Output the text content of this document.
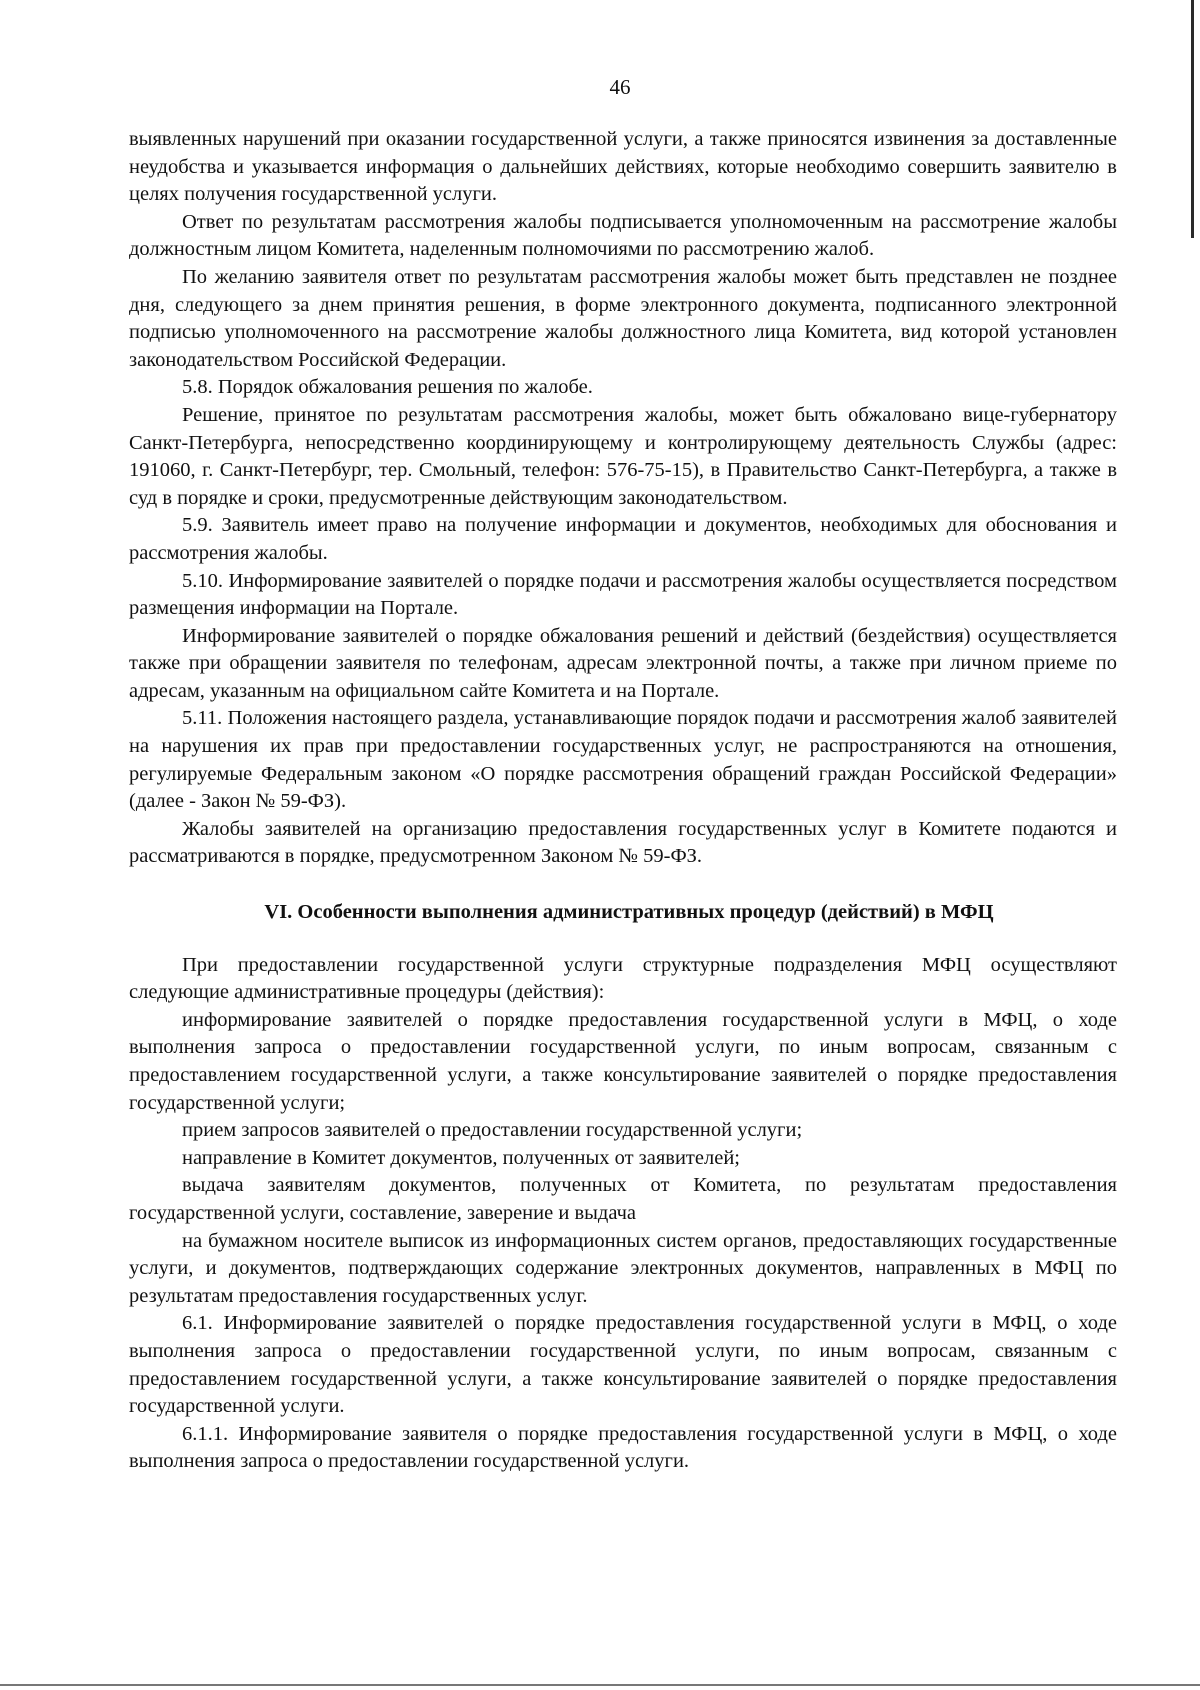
46

выявленных нарушений при оказании государственной услуги, а также приносятся извинения за доставленные неудобства и указывается информация о дальнейших действиях, которые необходимо совершить заявителю в целях получения государственной услуги.

Ответ по результатам рассмотрения жалобы подписывается уполномоченным на рассмотрение жалобы должностным лицом Комитета, наделенным полномочиями по рассмотрению жалоб.

По желанию заявителя ответ по результатам рассмотрения жалобы может быть представлен не позднее дня, следующего за днем принятия решения, в форме электронного документа, подписанного электронной подписью уполномоченного на рассмотрение жалобы должностного лица Комитета, вид которой установлен законодательством Российской Федерации.

5.8. Порядок обжалования решения по жалобе.

Решение, принятое по результатам рассмотрения жалобы, может быть обжаловано вице-губернатору Санкт-Петербурга, непосредственно координирующему и контролирующему деятельность Службы (адрес: 191060, г. Санкт-Петербург, тер. Смольный, телефон: 576-75-15), в Правительство Санкт-Петербурга, а также в суд в порядке и сроки, предусмотренные действующим законодательством.

5.9. Заявитель имеет право на получение информации и документов, необходимых для обоснования и рассмотрения жалобы.

5.10. Информирование заявителей о порядке подачи и рассмотрения жалобы осуществляется посредством размещения информации на Портале.

Информирование заявителей о порядке обжалования решений и действий (бездействия) осуществляется также при обращении заявителя по телефонам, адресам электронной почты, а также при личном приеме по адресам, указанным на официальном сайте Комитета и на Портале.

5.11. Положения настоящего раздела, устанавливающие порядок подачи и рассмотрения жалоб заявителей на нарушения их прав при предоставлении государственных услуг, не распространяются на отношения, регулируемые Федеральным законом «О порядке рассмотрения обращений граждан Российской Федерации» (далее - Закон № 59-ФЗ).

Жалобы заявителей на организацию предоставления государственных услуг в Комитете подаются и рассматриваются в порядке, предусмотренном Законом № 59-ФЗ.

VI. Особенности выполнения административных процедур (действий) в МФЦ

При предоставлении государственной услуги структурные подразделения МФЦ осуществляют следующие административные процедуры (действия):

информирование заявителей о порядке предоставления государственной услуги в МФЦ, о ходе выполнения запроса о предоставлении государственной услуги, по иным вопросам, связанным с предоставлением государственной услуги, а также консультирование заявителей о порядке предоставления государственной услуги;

прием запросов заявителей о предоставлении государственной услуги;

направление в Комитет документов, полученных от заявителей;

выдача заявителям документов, полученных от Комитета, по результатам предоставления государственной услуги, составление, заверение и выдача

на бумажном носителе выписок из информационных систем органов, предоставляющих государственные услуги, и документов, подтверждающих содержание электронных документов, направленных в МФЦ по результатам предоставления государственных услуг.

6.1. Информирование заявителей о порядке предоставления государственной услуги в МФЦ, о ходе выполнения запроса о предоставлении государственной услуги, по иным вопросам, связанным с предоставлением государственной услуги, а также консультирование заявителей о порядке предоставления государственной услуги.

6.1.1. Информирование заявителя о порядке предоставления государственной услуги в МФЦ, о ходе выполнения запроса о предоставлении государственной услуги.
